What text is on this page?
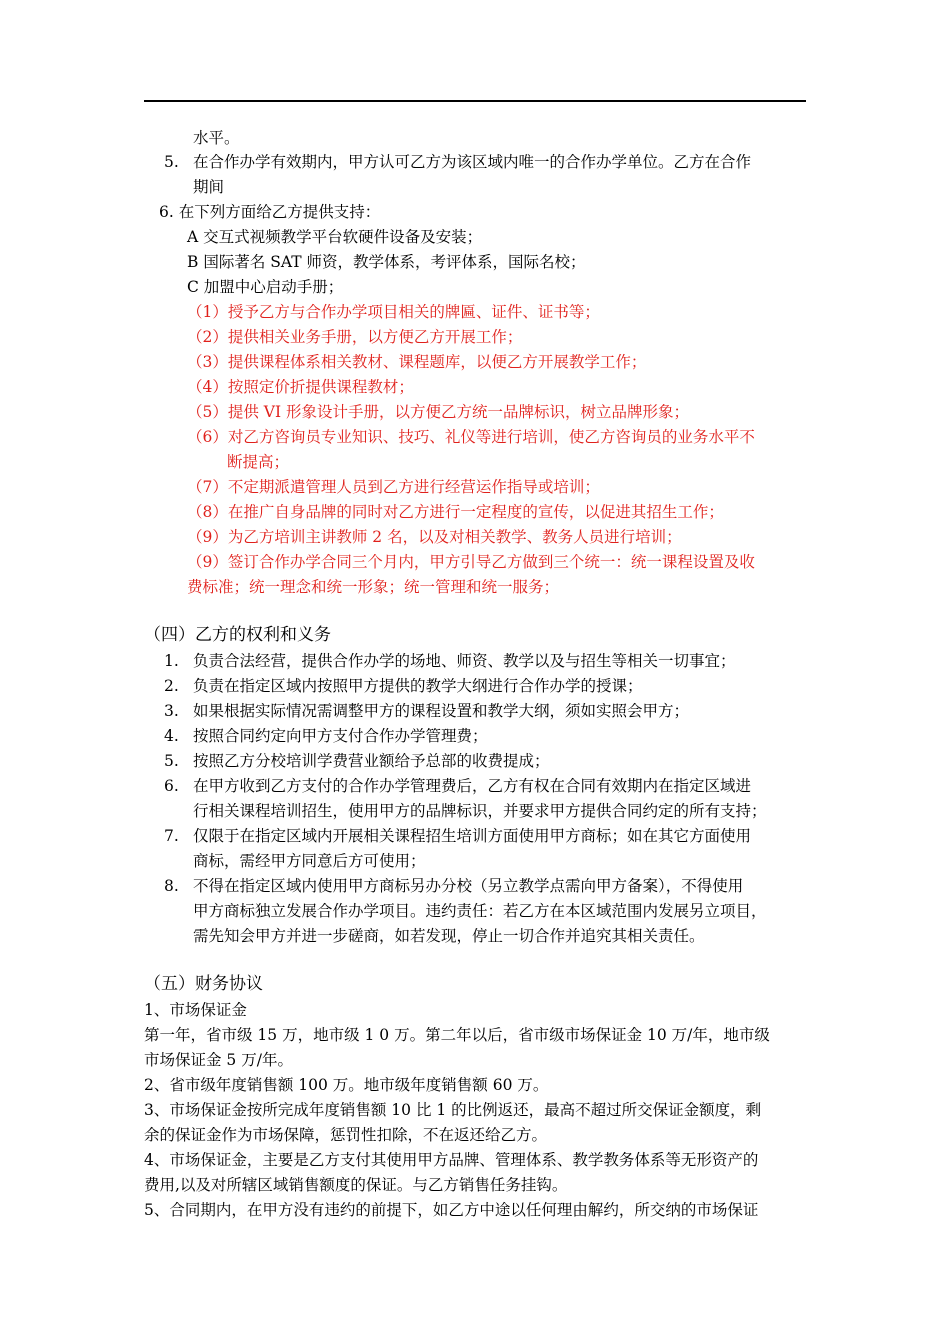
水平。
5. 在合作办学有效期内，甲方认可乙方为该区域内唯一的合作办学单位。乙方在合作
期间
6. 在下列方面给乙方提供支持：
A 交互式视频教学平台软硬件设备及安装；
B 国际著名 SAT 师资，教学体系，考评体系，国际名校；
C 加盟中心启动手册；
（1）授予乙方与合作办学项目相关的牌匾、证件、证书等；
（2）提供相关业务手册，以方便乙方开展工作；
（3）提供课程体系相关教材、课程题库，以便乙方开展教学工作；
（4）按照定价折提供课程教材；
（5）提供 VI 形象设计手册，以方便乙方统一品牌标识，树立品牌形象；
（6）对乙方咨询员专业知识、技巧、礼仪等进行培训，使乙方咨询员的业务水平不
断提高；
（7）不定期派遣管理人员到乙方进行经营运作指导或培训；
（8）在推广自身品牌的同时对乙方进行一定程度的宣传，以促进其招生工作；
（9）为乙方培训主讲教师 2 名，以及对相关教学、教务人员进行培训；
（9）签订合作办学合同三个月内，甲方引导乙方做到三个统一：统一课程设置及收
费标准；统一理念和统一形象；统一管理和统一服务；
（四）乙方的权利和义务
1. 负责合法经营，提供合作办学的场地、师资、教学以及与招生等相关一切事宜；
2. 负责在指定区域内按照甲方提供的教学大纲进行合作办学的授课；
3. 如果根据实际情况需调整甲方的课程设置和教学大纲，须如实照会甲方；
4. 按照合同约定向甲方支付合作办学管理费；
5. 按照乙方分校培训学费营业额给予总部的收费提成；
6. 在甲方收到乙方支付的合作办学管理费后，乙方有权在合同有效期内在指定区域进
行相关课程培训招生，使用甲方的品牌标识，并要求甲方提供合同约定的所有支持；
7. 仅限于在指定区域内开展相关课程招生培训方面使用甲方商标；如在其它方面使用
商标，需经甲方同意后方可使用；
8. 不得在指定区域内使用甲方商标另办分校（另立教学点需向甲方备案），不得使用
甲方商标独立发展合作办学项目。违约责任：若乙方在本区域范围内发展另立项目，
需先知会甲方并进一步磋商，如若发现，停止一切合作并追究其相关责任。
（五）财务协议
1、市场保证金
第一年，省市级 15 万，地市级 1 0 万。第二年以后，省市级市场保证金 10 万/年，地市级
市场保证金 5 万/年。
2、省市级年度销售额 100 万。地市级年度销售额 60 万。
3、市场保证金按所完成年度销售额 10 比 1 的比例返还，最高不超过所交保证金额度，剩
余的保证金作为市场保障，惩罚性扣除，不在返还给乙方。
4、市场保证金，主要是乙方支付其使用甲方品牌、管理体系、教学教务体系等无形资产的
费用,以及对所辖区域销售额度的保证。与乙方销售任务挂钩。
5、合同期内，在甲方没有违约的前提下，如乙方中途以任何理由解约，所交纳的市场保证
